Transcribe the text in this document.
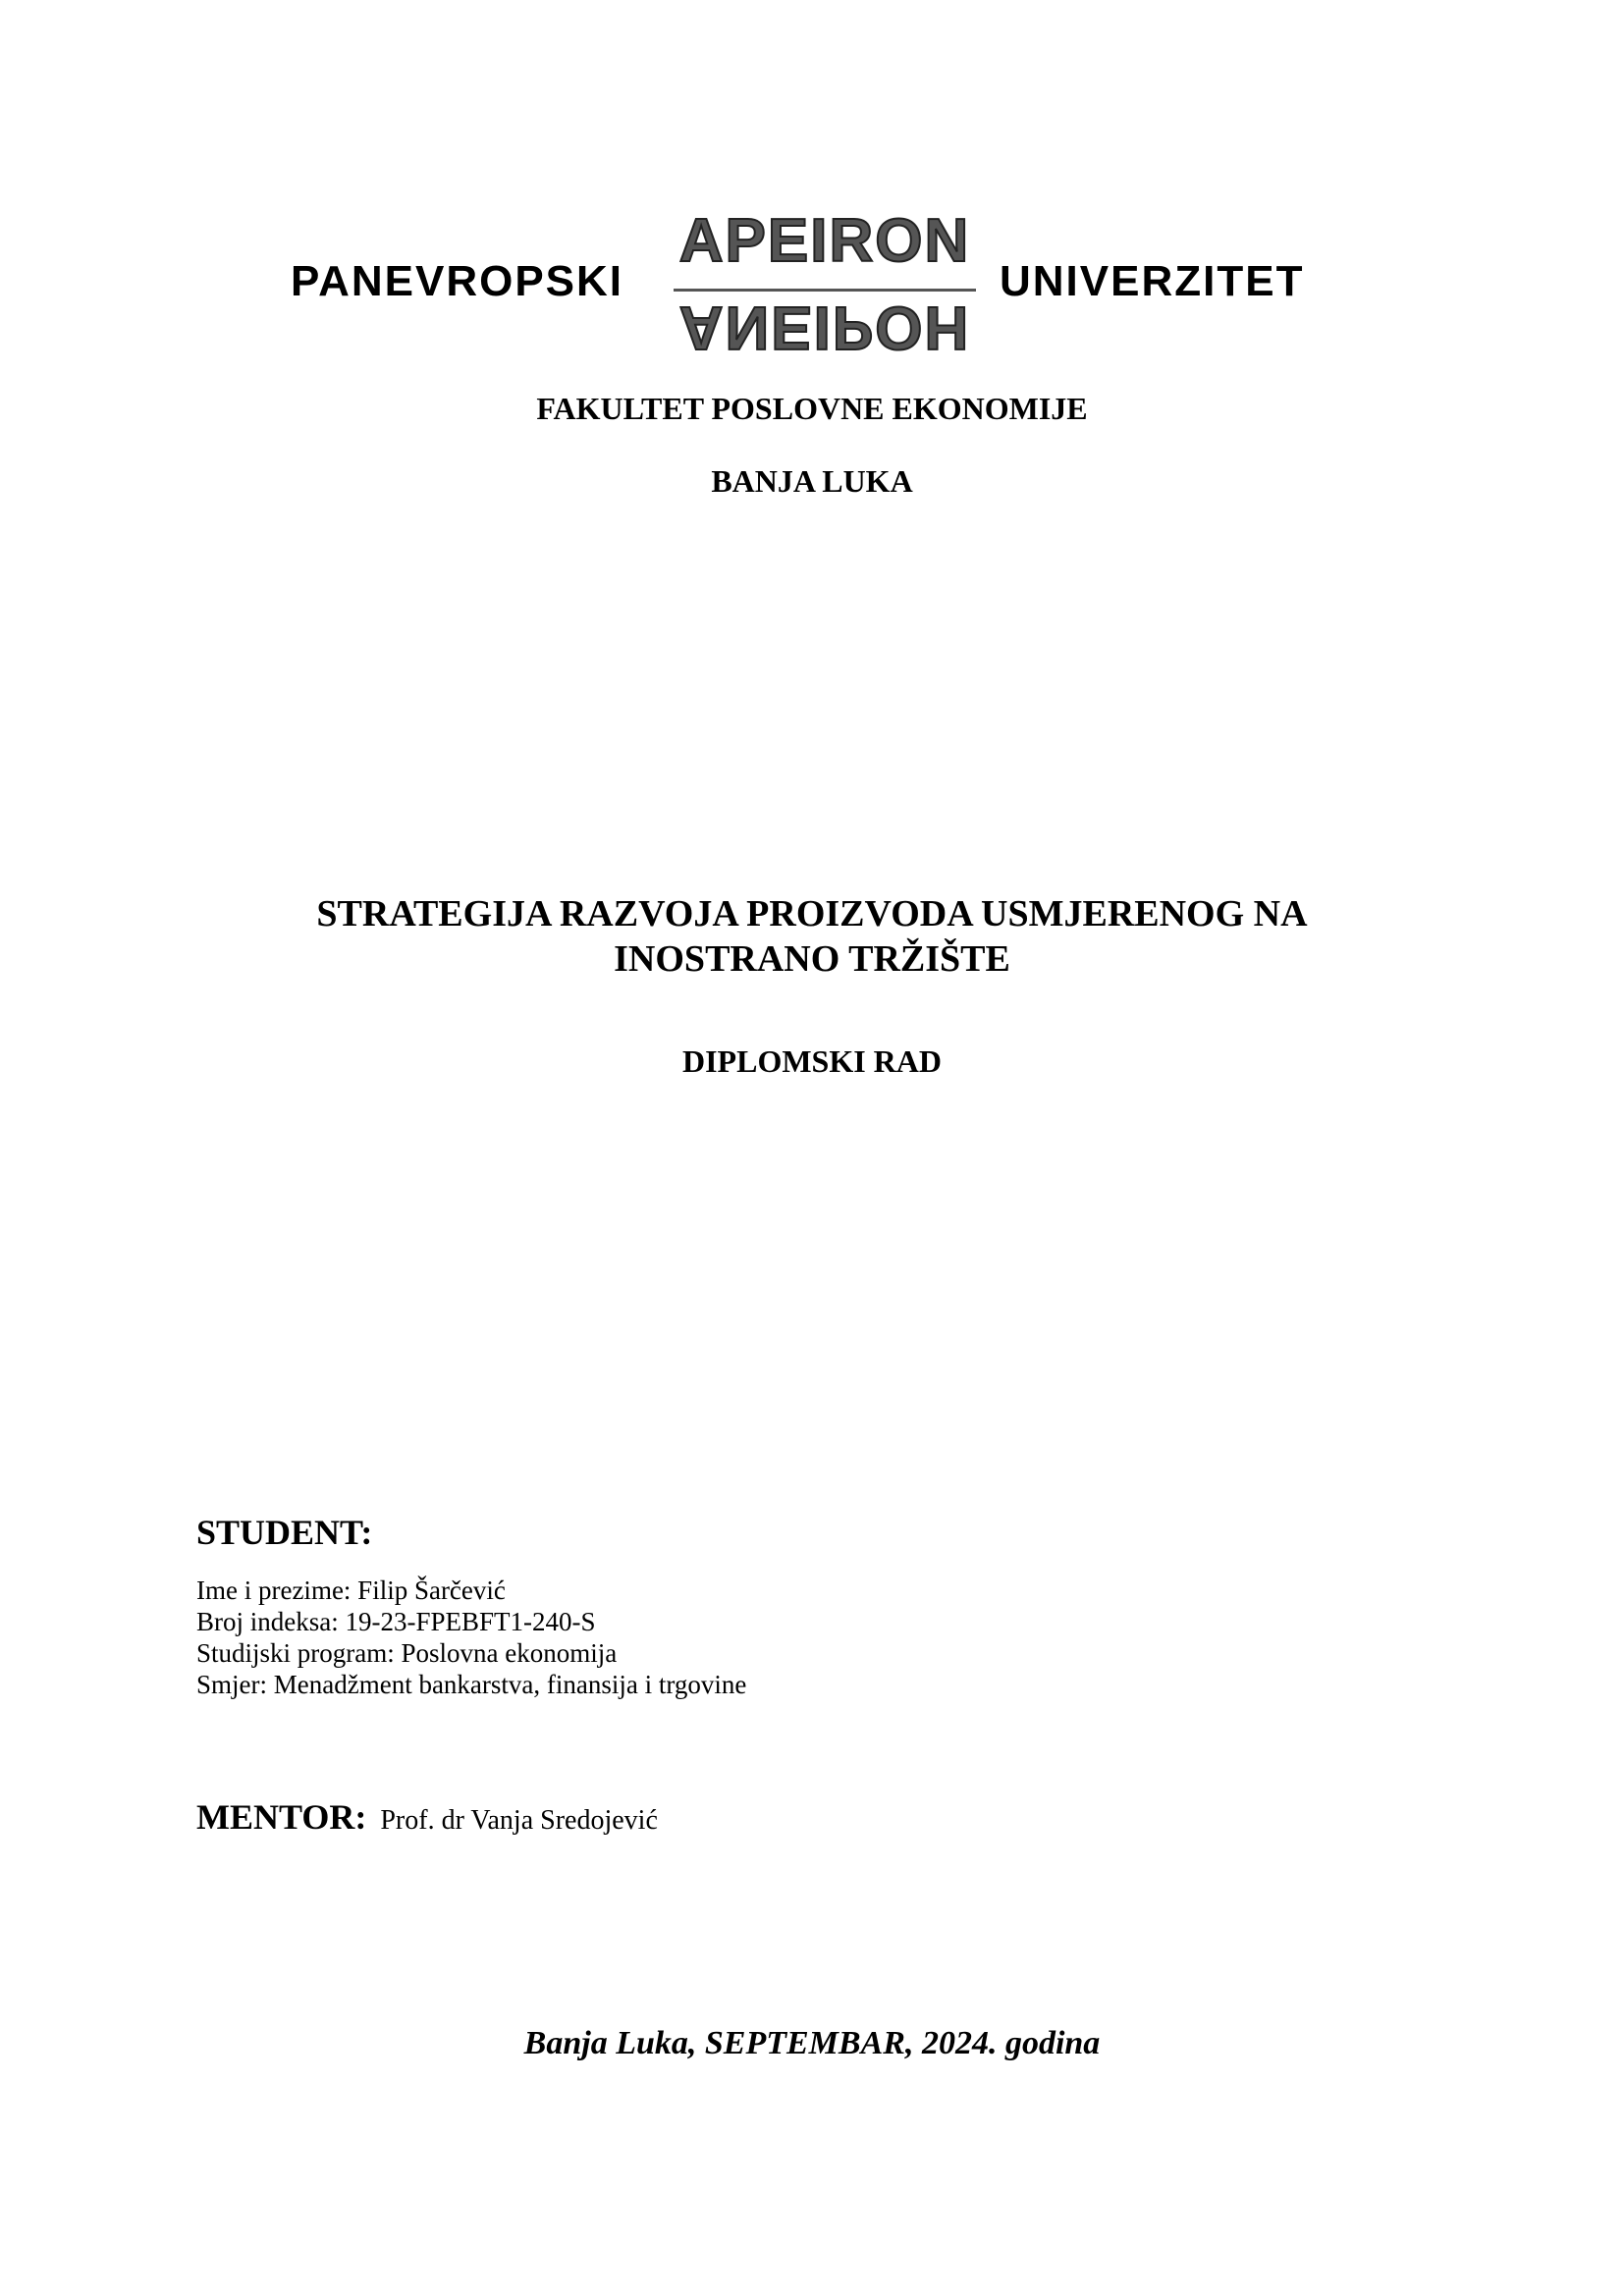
PANEVROPSKI
APEIRON
ANEIPOH
UNIVERZITET
FAKULTET POSLOVNE EKONOMIJE
BANJA LUKA
STRATEGIJA RAZVOJA PROIZVODA USMJERENOG NA
INOSTRANO TRŽIŠTE
DIPLOMSKI RAD
STUDENT:
Ime i prezime: Filip Šarčević
Broj indeksa: 19-23-FPEBFT1-240-S
Studijski program: Poslovna ekonomija
Smjer: Menadžment bankarstva, finansija i trgovine
MENTOR: Prof. dr Vanja Sredojević
Banja Luka, SEPTEMBAR, 2024. godina
